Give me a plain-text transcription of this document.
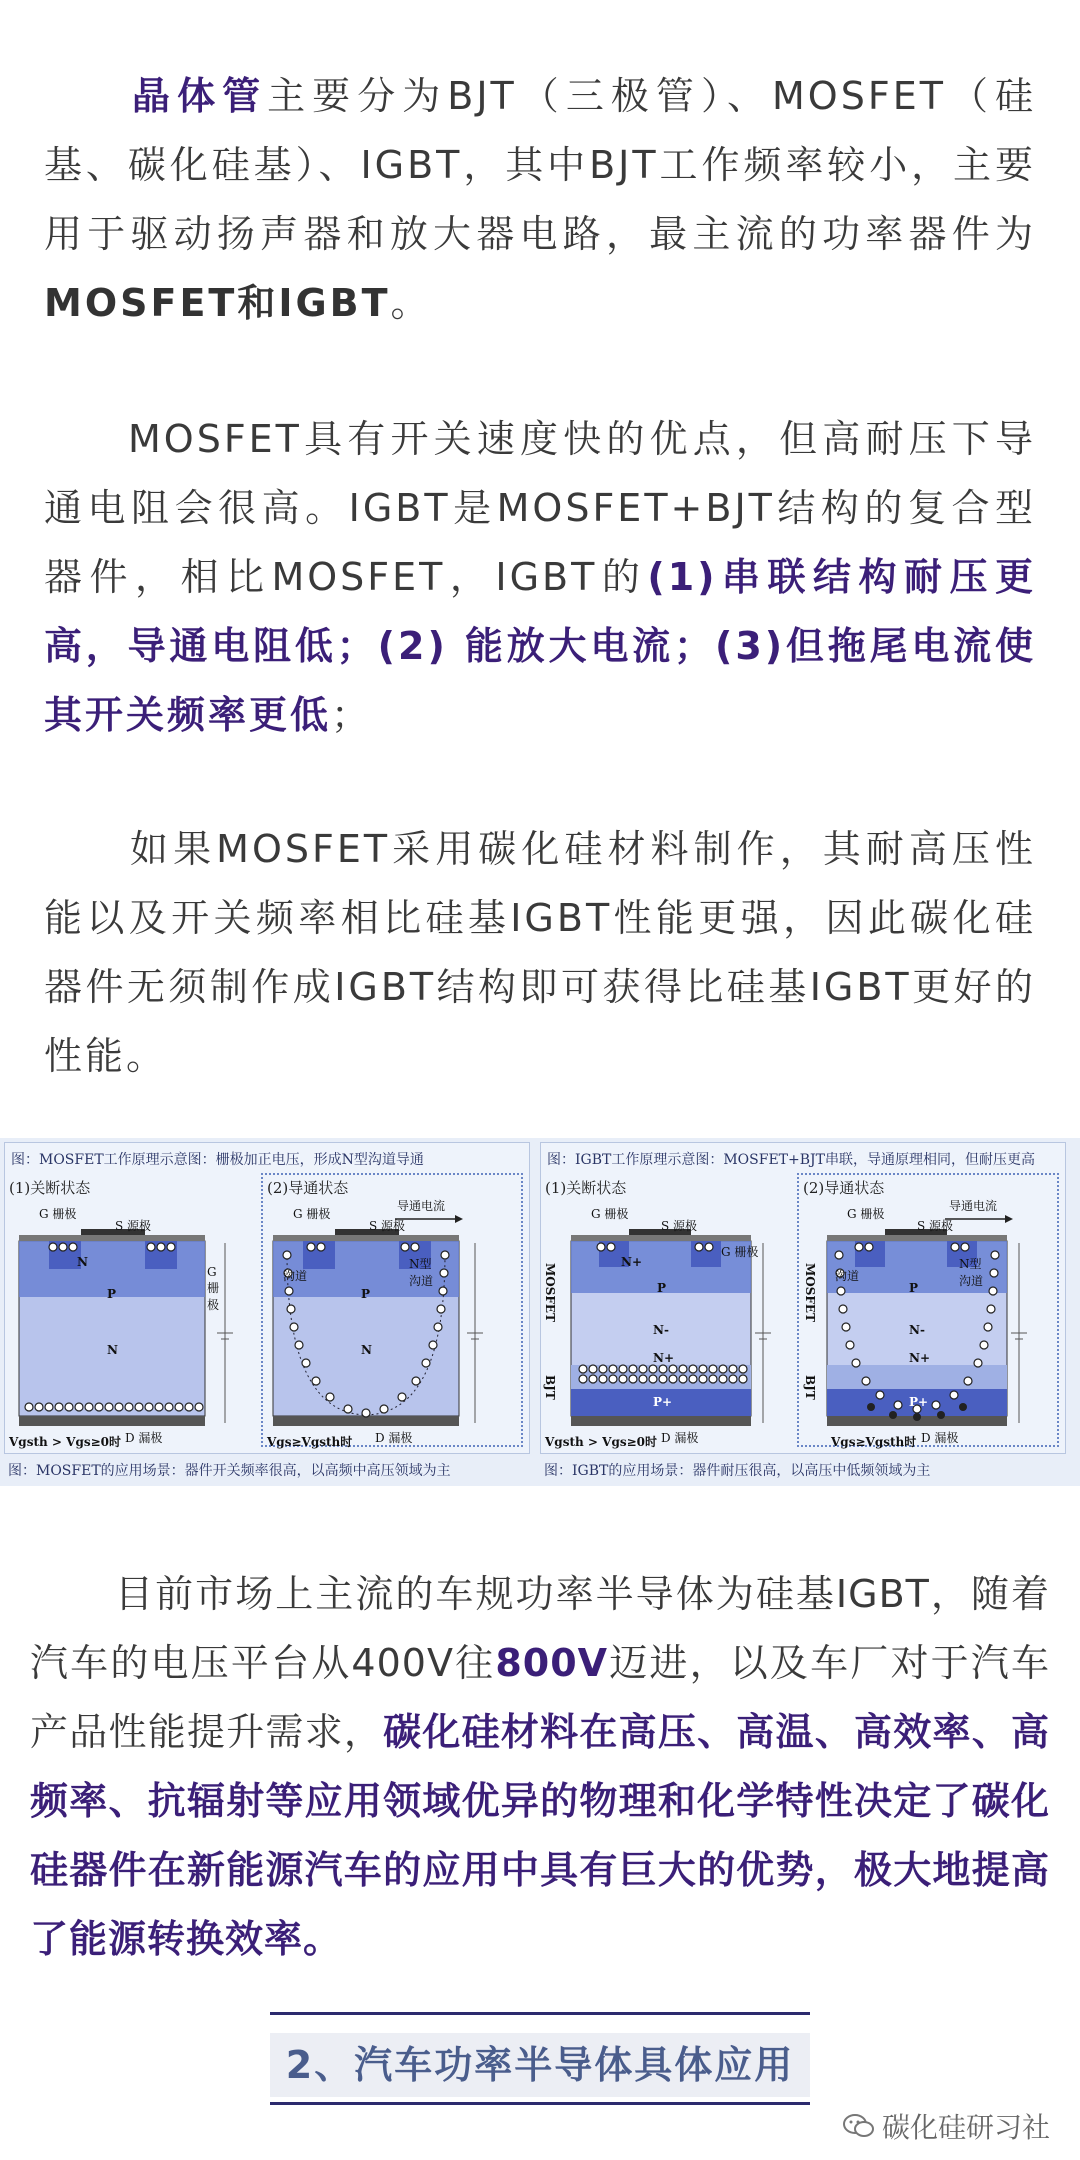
晶体管主要分为BJT（三极管）、MOSFET（硅基、碳化硅基）、IGBT，其中BJT工作频率较小，主要用于驱动扬声器和放大器电路，最主流的功率器件为MOSFET和IGBT。

MOSFET具有开关速度快的优点，但高耐压下导通电阻会很高。IGBT是MOSFET+BJT结构的复合型器件，相比MOSFET，IGBT的(1)串联结构耐压更高，导通电阻低；(2) 能放大电流；(3)但拖尾电流使其开关频率更低；

如果MOSFET采用碳化硅材料制作，其耐高压性能以及开关频率相比硅基IGBT性能更强，因此碳化硅器件无须制作成IGBT结构即可获得比硅基IGBT更好的性能。

图：MOSFET工作原理示意图：栅极加正电压，形成N型沟道导通
(1)关断状态	(2)导通状态
G 栅极
S 源极
G 栅极
N
P
N
Vgsth > Vgs≥0时 D 漏极
G 栅极
S 源极
导通电流
沟道
N型沟道
P
N
Vgs≥Vgsth时 D 漏极
图：IGBT工作原理示意图：MOSFET+BJT串联，导通原理相同，但耐压更高
(1)关断状态	(2)导通状态
G 栅极
S 源极
G 栅极
N+
P
N-
N+
P+
MOSFET
BJT
Vgsth > Vgs≥0时 D 漏极
G 栅极
S 源极
导通电流
沟道
N型沟道
P
N-
N+
P+
MOSFET
BJT
Vgs≥Vgsth时 D 漏极
图：MOSFET的应用场景：器件开关频率很高，以高频中高压领域为主	图：IGBT的应用场景：器件耐压很高，以高压中低频领域为主

目前市场上主流的车规功率半导体为硅基IGBT，随着汽车的电压平台从400V往800V迈进，以及车厂对于汽车产品性能提升需求，碳化硅材料在高压、高温、高效率、高频率、抗辐射等应用领域优异的物理和化学特性决定了碳化硅器件在新能源汽车的应用中具有巨大的优势，极大地提高了能源转换效率。

2、汽车功率半导体具体应用
碳化硅研习社
